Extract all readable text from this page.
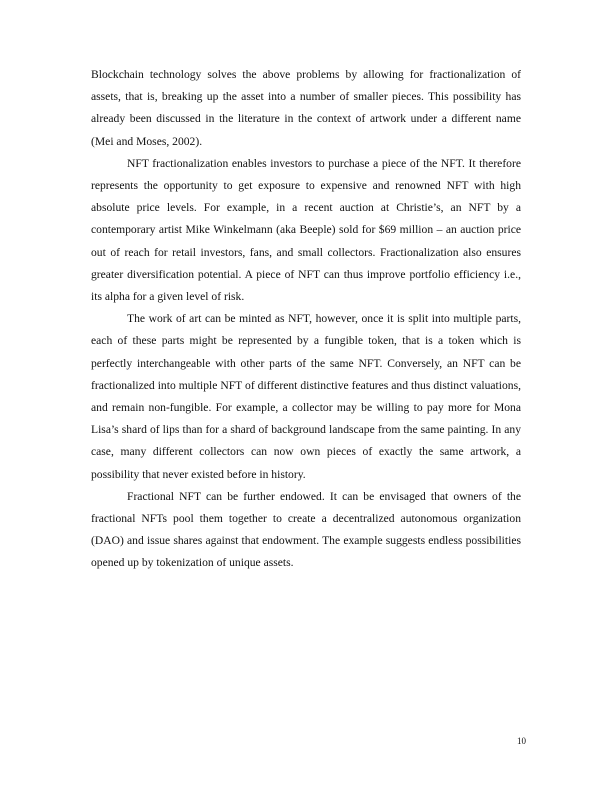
Blockchain technology solves the above problems by allowing for fractionalization of assets, that is, breaking up the asset into a number of smaller pieces. This possibility has already been discussed in the literature in the context of artwork under a different name (Mei and Moses, 2002).

NFT fractionalization enables investors to purchase a piece of the NFT. It therefore represents the opportunity to get exposure to expensive and renowned NFT with high absolute price levels. For example, in a recent auction at Christie’s, an NFT by a contemporary artist Mike Winkelmann (aka Beeple) sold for $69 million – an auction price out of reach for retail investors, fans, and small collectors. Fractionalization also ensures greater diversification potential. A piece of NFT can thus improve portfolio efficiency i.e., its alpha for a given level of risk.

The work of art can be minted as NFT, however, once it is split into multiple parts, each of these parts might be represented by a fungible token, that is a token which is perfectly interchangeable with other parts of the same NFT. Conversely, an NFT can be fractionalized into multiple NFT of different distinctive features and thus distinct valuations, and remain non-fungible. For example, a collector may be willing to pay more for Mona Lisa’s shard of lips than for a shard of background landscape from the same painting. In any case, many different collectors can now own pieces of exactly the same artwork, a possibility that never existed before in history.

Fractional NFT can be further endowed. It can be envisaged that owners of the fractional NFTs pool them together to create a decentralized autonomous organization (DAO) and issue shares against that endowment. The example suggests endless possibilities opened up by tokenization of unique assets.

10
